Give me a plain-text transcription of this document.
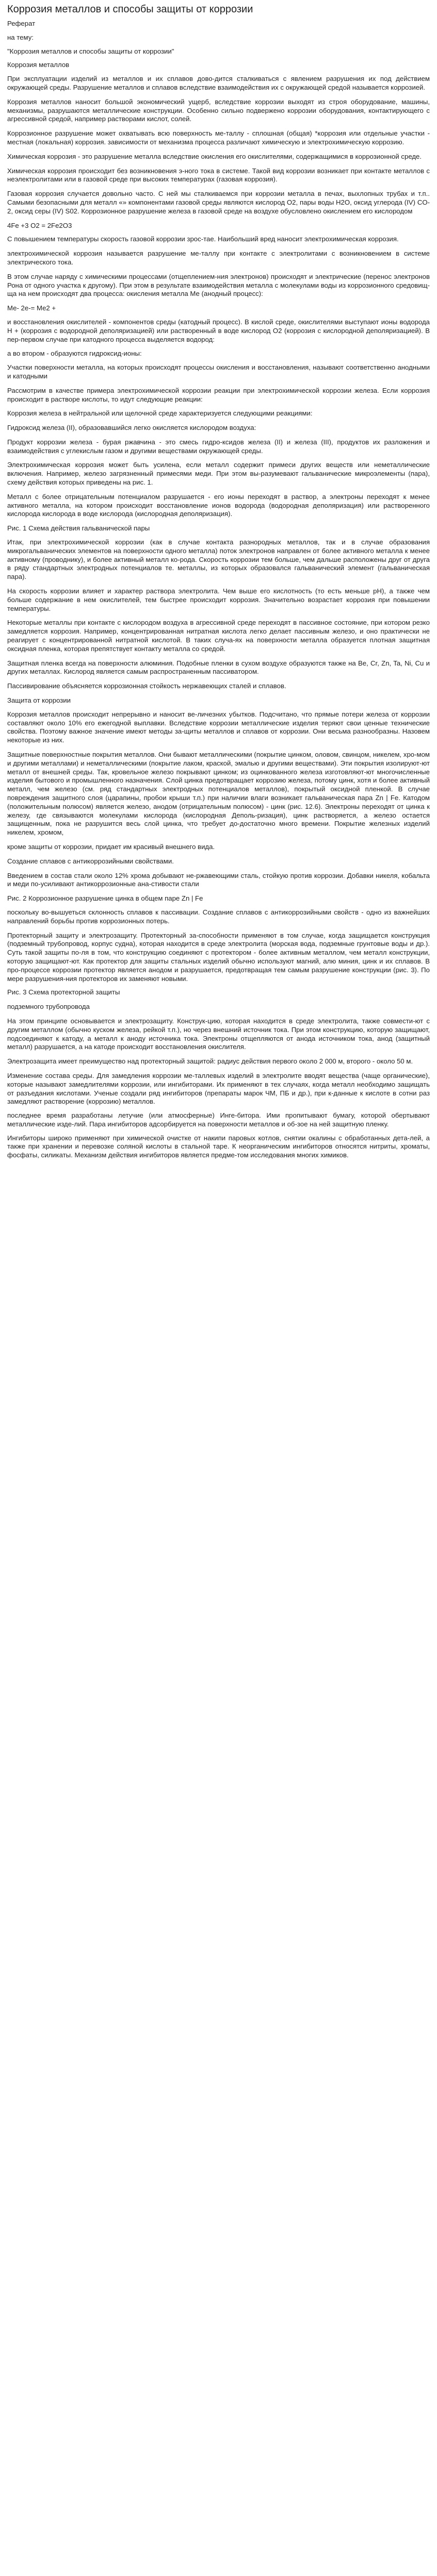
Коррозия металлов и способы защиты от коррозии

Реферат

на тему:

"Коррозия металлов и способы защиты от коррозии"

Коррозия металлов

При эксплуатации изделий из металлов и их сплавов дово-дится сталкиваться с явлением разрушения их под действием окружающей среды. Разрушение металлов и сплавов вследствие взаимодействия их с окружающей средой называется коррозией.

Коррозия металлов наносит большой экономический ущерб, вследствие коррозии выходят из строя оборудование, машины, механизмы, разрушаются металлические конструкции. Особенно сильно подвержено коррозии оборудования, контактирующего с агрессивной средой, например растворами кислот, солей.

Коррозионное разрушение может охватывать всю поверхность ме-таллу - сплошная (общая) *коррозия или отдельные участки - местная (локальная) коррозия. зависимости от механизма процесса различают химическую и электрохимическую коррозию.

Химическая коррозия - это разрушение металла вследствие окисления его окислителями, содержащимися в коррозионной среде.

Химическая коррозия происходит без возникновения э-ного тока в системе. Такой вид коррозии возникает при контакте металлов с неэлектролитами или в газовой среде при высоких температурах (газовая коррозия).

Газовая коррозия случается довольно часто. С ней мы сталкиваемся при коррозии металла в печах, выхлопных трубах и т.п.. Самыми безопасными для металл «» компонентами газовой среды являются кислород О2, пары воды Н2О, оксид углерода (IV) CO-2, оксид серы (IV) S02. Коррозионное разрушение железа в газовой среде на воздухе обусловлено окислением его кислородом

4Fe +3 O2 = 2Fe2O3

С повышением температуры скорость газовой коррозии зрос-тае. Наибольший вред наносит электрохимическая коррозия.

электрохимической коррозия называется разрушение ме-таллу при контакте с электролитами с возникновением в системе электрического тока.

В этом случае наряду с химическими процессами (отщеплением-ния электронов) происходят и электрические (перенос электронов Рона от одного участка к другому). При этом в результате взаимодействия металла с молекулами воды из коррозионного средовищ-ща на нем происходят два процесса: окисления металла Ме (анодный процесс):

Ме- 2е-= Ме2 +

и восстановления окислителей - компонентов среды (катодный процесс). В кислой среде, окислителями выступают ионы водорода Н + (коррозия с водородной деполяризацией) или растворенный в воде кислород О2 (коррозия с кислородной деполяризацией). В пер-первом случае при катодного процесса выделяется водород:

а во втором - образуются гидроксид-ионы:

Участки поверхности металла, на которых происходят процессы окисления и восстановления, называют соответственно анодными и катодными

Рассмотрим в качестве примера электрохимической коррозии реакции при электрохимической коррозии железа. Если коррозия происходит в растворе кислоты, то идут следующие реакции:

Коррозия железа в нейтральной или щелочной среде характеризуется следующими реакциями:

Гидроксид железа (II), образовавшийся легко окисляется кислородом воздуха:

Продукт коррозии железа - бурая ржавчина - это смесь гидро-ксидов железа (II) и железа (III), продуктов их разложения и взаимодействия с углекислым газом и другими веществами окружающей среды.

Электрохимическая коррозия может быть усилена, если металл содержит примеси других веществ или неметаллические включения. Например, железо загрязненный примесями меди. При этом вы-разумевают гальванические микроэлементы (пара), схему действия которых приведены на рис. 1.

Металл с более отрицательным потенциалом разрушается - его ионы переходят в раствор, а электроны переходят к менее активного металла, на котором происходит восстановление ионов водорода (водородная деполяризация) или растворенного кислорода кислорода в воде кислорода (кислородная деполяризация).

Рис. 1 Схема действия гальванической пары

Итак, при электрохимической коррозии (как в случае контакта разнородных металлов, так и в случае образования микрогальванических элементов на поверхности одного металла) поток электронов направлен от более активного металла к менее активному (проводнику), и более активный металл ко-рода. Скорость коррозии тем больше, чем дальше расположены друг от друга в ряду стандартных электродных потенциалов те. металлы, из которых образовался гальванический элемент (гальваническая пара).

На скорость коррозии влияет и характер раствора электролита. Чем выше его кислотность (то есть меньше рН), а также чем больше содержание в нем окислителей, тем быстрее происходит коррозия. Значительно возрастает коррозия при повышении температуры.

Некоторые металлы при контакте с кислородом воздуха в агрессивной среде переходят в пассивное состояние, при котором резко замедляется коррозия. Например, концентрированная нитратная кислота легко делает пассивным железо, и оно практически не реагирует с концентрированной нитратной кислотой. В таких случа-ях на поверхности металла образуется плотная защитная оксидная пленка, которая препятствует контакту металла со средой.

Защитная пленка всегда на поверхности алюминия. Подобные пленки в сухом воздухе образуются также на Be, Cr, Zn, Ta, Ni, Cu и других металлах. Кислород является самым распространенным пассиватором.

Пассивирование объясняется коррозионная стойкость нержавеющих сталей и сплавов.

Защита от коррозии

Коррозия металлов происходит непрерывно и наносит ве-личезних убытков. Подсчитано, что прямые потери железа от коррозии составляют около 10% его ежегодной выплавки. Вследствие коррозии металлические изделия теряют свои ценные технические свойства. Поэтому важное значение имеют методы за-щиты металлов и сплавов от коррозии. Они весьма разнообразны. Назовем некоторые из них.

Защитные поверхностные покрытия металлов. Они бывают металлическими (покрытие цинком, оловом, свинцом, никелем, хро-мом и другими металлами) и неметаллическими (покрытие лаком, краской, эмалью и другими веществами). Эти покрытия изолируют-ют металл от внешней среды. Так, кровельное железо покрывают цинком; из оцинкованного железа изготовляют-ют многочисленные изделия бытового и промышленного назначения. Слой цинка предотвращает коррозию железа, потому цинк, хотя и более активный металл, чем железо (см. ряд стандартных электродных потенциалов металлов), покрытый оксидной пленкой. В случае повреждения защитного слоя (царапины, пробои крыши т.п.) при наличии влаги возникает гальваническая пара Zn | Fe. Катодом (положительным полюсом) является железо, анодом (отрицательным полюсом) - цинк (рис. 12.6). Электроны переходят от цинка к железу, где связываются молекулами кислорода (кислородная Деполь-ризация), цинк растворяется, а железо остается защищенным, пока не разрушится весь слой цинка, что требует до-достаточно много времени. Покрытие железных изделий никелем, хромом,

кроме защиты от коррозии, придает им красивый внешнего вида.

Создание сплавов с антикоррозийными свойствами.

Введением в состав стали около 12% хрома добывают не-ржавеющими сталь, стойкую против коррозии. Добавки никеля, кобальта и меди по-усиливают антикоррозионные ана-стивости стали

Рис. 2 Коррозионное разрушение цинка в общем паре Zn | Fe

поскольку во-вышуеться склонность сплавов к пассивации. Создание сплавов с антикоррозийными свойств - одно из важнейших направлений борьбы против коррозионных потерь.

Протекторный защиту и электрозащиту. Протекторный за-способности применяют в том случае, когда защищается конструкция (подземный трубопровод, корпус судна), которая находится в среде электролита (морская вода, подземные грунтовые воды и др.). Суть такой защиты по-ля в том, что конструкцию соединяют с протектором - более активным металлом, чем металл конструкции, которую защищают-ют. Как протектор для защиты стальных изделий обычно используют магний, алю миния, цинк и их сплавов. В про-процессе коррозии протектор является анодом и разрушается, предотвращая тем самым разрушение конструкции (рис. 3). По мере разрушения-ния протекторов их заменяют новыми.

Рис. 3 Схема протекторной защиты

подземного трубопровода

На этом принципе основывается и электрозащиту. Конструк-цию, которая находится в среде электролита, также совмести-ют с другим металлом (обычно куском железа, рейкой т.п.), но через внешний источник тока. При этом конструкцию, которую защищают, подсоединяют к катоду, а металл к аноду источника тока. Электроны отщепляются от анода источником тока, анод (защитный металл) разрушается, а на катоде происходит восстановления окислителя.

Электрозащита имеет преимущество над протекторный защитой: радиус действия первого около 2 000 м, второго - около 50 м.

Изменение состава среды. Для замедления коррозии ме-таллевых изделий в электролите вводят вещества (чаще органические), которые называют замедлителями коррозии, или ингибиторами. Их применяют в тех случаях, когда металл необходимо защищать от разъедания кислотами. Ученые создали ряд ингибиторов (препараты марок ЧМ, ПБ и др.), при к-данные к кислоте в сотни раз замедляют растворение (коррозию) металлов.

последнее время разработаны летучие (или атмосферные) Инге-битора. Ими пропитывают бумагу, которой обертывают металлические изде-лий. Пара ингибиторов адсорбируется на поверхности металлов и об-зое на ней защитную пленку.

Ингибиторы широко применяют при химической очистке от накипи паровых котлов, снятии окалины с обработанных дета-лей, а также при хранении и перевозке соляной кислоты в стальной таре. К неорганическим ингибиторов относятся нитриты, хроматы, фосфаты, силикаты. Механизм действия ингибиторов является предме-том исследования многих химиков.
